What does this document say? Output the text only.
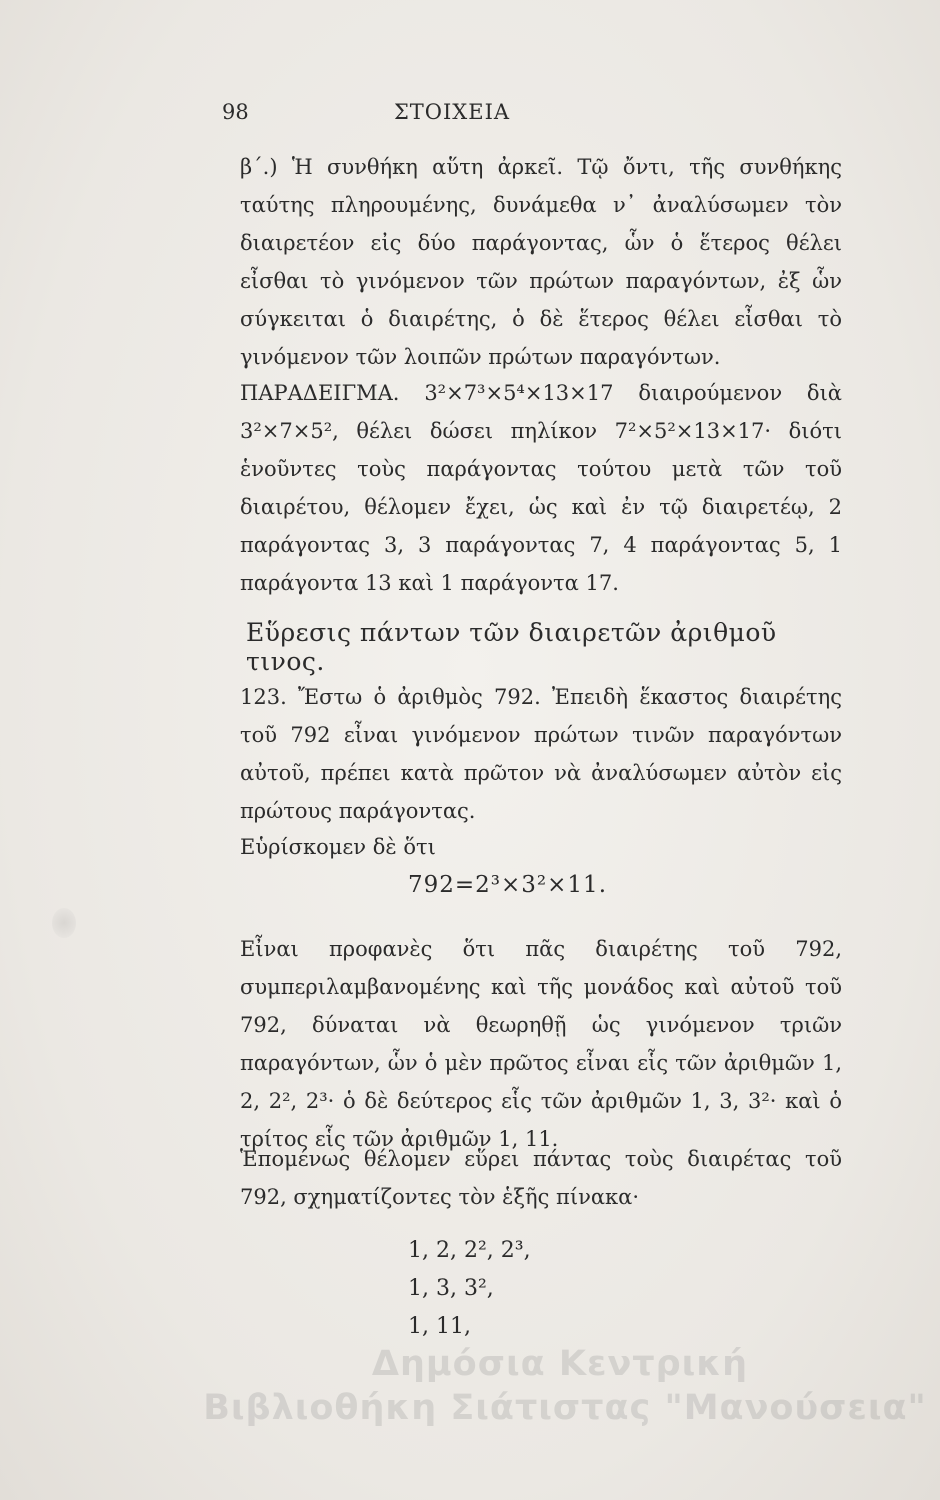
98	ΣΤΟΙΧΕΙΑ

β΄.) Ἡ συνθήκη αὕτη ἀρκεῖ. Τῷ ὄντι, τῆς συνθήκης ταύτης πληρουμένης, δυνάμεθα ν᾿ ἀναλύσωμεν τὸν διαιρετέον εἰς δύο παράγοντας, ὧν ὁ ἕτερος θέλει εἶσθαι τὸ γινόμενον τῶν πρώτων παραγόντων, ἐξ ὧν σύγκειται ὁ διαιρέτης, ὁ δὲ ἕτερος θέλει εἶσθαι τὸ γινόμενον τῶν λοιπῶν πρώτων παραγόντων.

ΠΑΡΑΔΕΙΓΜΑ. 3²×7³×5⁴×13×17 διαιρούμενον διὰ 3²×7×5², θέλει δώσει πηλίκον 7²×5²×13×17· διότι ἑνοῦντες τοὺς παράγοντας τούτου μετὰ τῶν τοῦ διαιρέτου, θέλομεν ἔχει, ὡς καὶ ἐν τῷ διαιρετέῳ, 2 παράγοντας 3, 3 παράγοντας 7, 4 παράγοντας 5, 1 παράγοντα 13 καὶ 1 παράγοντα 17.

Εὕρεσις πάντων τῶν διαιρετῶν ἀριθμοῦ τινος.

123. Ἔστω ὁ ἀριθμὸς 792. Ἐπειδὴ ἕκαστος διαιρέτης τοῦ 792 εἶναι γινόμενον πρώτων τινῶν παραγόντων αὐτοῦ, πρέπει κατὰ πρῶτον νὰ ἀναλύσωμεν αὐτὸν εἰς πρώτους παράγοντας.

Εὑρίσκομεν δὲ ὅτι

792=2³×3²×11.

Εἶναι προφανὲς ὅτι πᾶς διαιρέτης τοῦ 792, συμπεριλαμβανομένης καὶ τῆς μονάδος καὶ αὐτοῦ τοῦ 792, δύναται νὰ θεωρηθῇ ὡς γινόμενον τριῶν παραγόντων, ὧν ὁ μὲν πρῶτος εἶναι εἷς τῶν ἀριθμῶν 1, 2, 2², 2³· ὁ δὲ δεύτερος εἷς τῶν ἀριθμῶν 1, 3, 3²· καὶ ὁ τρίτος εἷς τῶν ἀριθμῶν 1, 11.

Ἑπομένως θέλομεν εὕρει πάντας τοὺς διαιρέτας τοῦ 792, σχηματίζοντες τὸν ἑξῆς πίνακα·

1, 2, 2², 2³,
1, 3, 3²,
1, 11,
Δημόσια Κεντρική
Βιβλιοθήκη Σιάτιστας "Μανούσεια"
